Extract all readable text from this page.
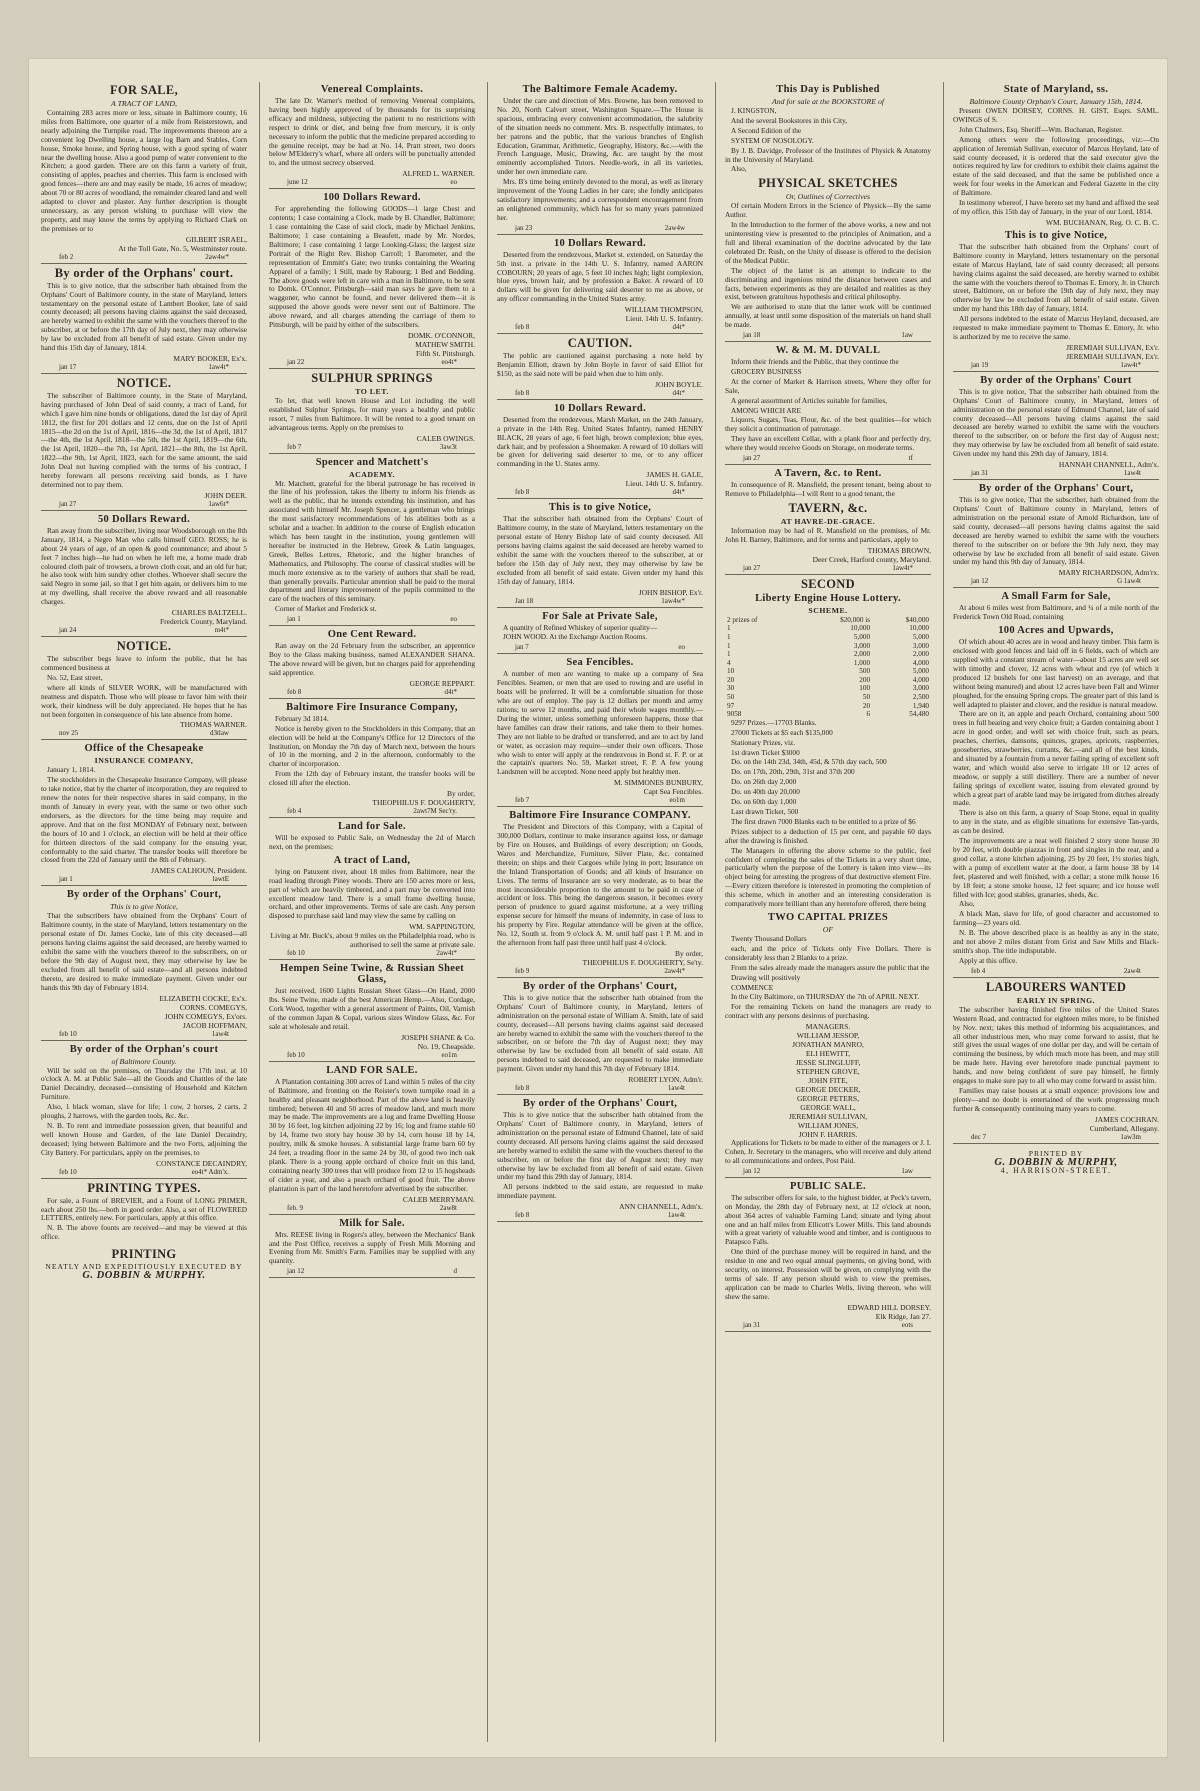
FOR SALE,
A TRACT OF LAND,

Containing 283 acres more or less, situate in Baltimore county, 16 miles from Baltimore, one quarter of a mile from Reisterstown, and nearly adjoining the Turnpike road. The improvements thereon are a convenient log Dwelling house, a large log Barn and Stables, Corn house, Smoke house, and Spring house, with a good spring of water near the dwelling house. Also a good pump of water convenient to the Kitchen; a good garden. There are on this farm a variety of fruit, consisting of apples, peaches and cherries. This farm is enclosed with good fences—there are and may easily be made, 16 acres of meadow; about 70 or 80 acres of woodland, the remainder cleared land and well adapted to clover and plaster. Any further description is thought unnecessary, as any person wishing to purchase will view the property, and may know the terms by applying to Richard Clark on the premises or to

GILBERT ISRAEL,
At the Toll Gate, No. 5, Westminster route.
feb 2	2aw4w*
By order of the Orphans' court.

This is to give notice, that the subscriber hath obtained from the Orphans' Court of Baltimore county, in the state of Maryland, letters testamentary on the personal estate of Lambert Booker, late of said county deceased; all persons having claims against the said deceased, are hereby warned to exhibit the same with the vouchers thereof to the subscriber, at or before the 17th day of July next, they may otherwise by law be excluded from all benefit of said estate. Given under my hand this 15th day of January, 1814.

MARY BOOKER, Ex'x.
jan 17	1aw4t*
NOTICE.

The subscriber of Baltimore county, in the State of Maryland, having purchased of John Deal of said county, a tract of Land, for which I gave him nine bonds or obligations, dated the 1st day of April 1812, the first for 201 dollars and 12 cents, due on the 1st of April 1815—the 2d on the 1st of April, 1816—the 3d, the 1st of April, 1817—the 4th, the 1st April, 1818—the 5th, the 1st April, 1819—the 6th, the 1st April, 1820—the 7th, 1st April, 1821—the 8th, the 1st April, 1822—the 9th, 1st April, 1823, each for the same amount, the said John Deal not having complied with the terms of his contract, I hereby forewarn all persons receiving said bonds, as I have determined not to pay them.

JOHN DEER.
jan 27	1aw6t*
50 Dollars Reward.

Ran away from the subscriber, living near Woodsborough on the 8th January, 1814, a Negro Man who calls himself GEO. ROSS; he is about 24 years of age, of an open & good countenance; and about 5 feet 7 inches high—he had on when he left me, a home made drab coloured cloth pair of trowsers, a brown cloth coat, and an old fur hat; he also took with him sundry other clothes. Whoever shall secure the said Negro in some jail, so that I get him again, or delivers him to me at my dwelling, shall receive the above reward and all reasonable charges.

CHARLES BALTZELL.
Frederick County, Maryland.
jan 24	m4t*
NOTICE.

The subscriber begs leave to inform the public, that he has commenced business at

No. 52, East street,

where all kinds of SILVER WORK, will be manufactured with neatness and dispatch. Those who will please to favor him with their work, their kindness will be duly appreciated. He hopes that he has not been forgotten in consequence of his late absence from home.

THOMAS WARNER.
nov 25	d3tlaw
Office of the Chesapeake
INSURANCE COMPANY,

January 1, 1814.

The stockholders in the Chesapeake Insurance Company, will please to take notice, that by the charter of incorporation, they are required to renew the notes for their respective shares in said company, in the month of January in every year, with the same or two other such endorsers, as the directors for the time being may require and approve. And that on the first MONDAY of February next, between the hours of 10 and 1 o'clock, an election will be held at their office for thirteen directors of the said company for the ensuing year, conformably to the said charter. The transfer books will therefore be closed from the 22d of January until the 8th of February.

JAMES CALHOUN, President.
jan 1	lawtE
By order of the Orphans' Court,
This is to give Notice,

That the subscribers have obtained from the Orphans' Court of Baltimore county, in the state of Maryland, letters testamentary on the personal estate of Dr. James Cocke, late of this city deceased—all persons having claims against the said deceased, are hereby warned to exhibit the same with the vouchers thereof to the subscribers, on or before the 9th day of August next, they may otherwise by law be excluded from all benefit of said estate—and all persons indebted thereto, are desired to make immediate payment. Given under our hands this 9th day of February 1814.

ELIZABETH COCKE, Ex'x.
CORNS. COMEGYS,
JOHN COMEGYS, Ex'ors.
JACOB HOFFMAN,
feb 10	1aw4t
By order of the Orphan's court
of Baltimore County.

Will be sold on the premises, on Thursday the 17th inst. at 10 o'clock A. M. at Public Sale—all the Goods and Chattles of the late Daniel Decaindry, deceased—consisting of Household and Kitchen Furniture.

Also, 1 black woman, slave for life; 1 cow, 2 horses, 2 carts, 2 ploughs, 2 harrows, with the garden tools, &c. &c.

N. B. To rent and immediate possession given, that beautiful and well known House and Garden, of the late Daniel Decaindry, deceased; lying between Baltimore and the two Forts, adjoining the City Battery. For particulars, apply on the premises, to

CONSTANCE DECAINDRY,
feb 10	eo4t* Adm'x.
PRINTING TYPES.

For sale, a Fount of BREVIER, and a Fount of LONG PRIMER, each about 250 lbs.—both in good order. Also, a set of FLOWERED LETTERS, entirely new. For particulars, apply at this office.

N. B. The above founts are received—and may be viewed at this office.

PRINTING
NEATLY AND EXPEDITIOUSLY EXECUTED BY
G. DOBBIN & MURPHY.
Venereal Complaints.

The late Dr. Warner's method of removing Venereal complaints, having been highly approved of by thousands for its surprising efficacy and mildness, subjecting the patient to no restrictions with respect to drink or diet, and being free from mercury, it is only necessary to inform the public that the medicine prepared according to the genuine receipt, may be had at No. 14, Pratt street, two doors below M'Elderry's wharf, where all orders will be punctually attended to, and the utmost secrecy observed.

ALFRED L. WARNER.
june 12	eo
100 Dollars Reward.

For apprehending the following GOODS—1 large Chest and contents; 1 case containing a Clock, made by B. Chandler, Baltimore; 1 case containing the Case of said clock, made by Michael Jenkins, Baltimore; 1 case containing a Beaufett, made by Mr. Nordes, Baltimore; 1 case containing 1 large Looking-Glass; the largest size Portrait of the Right Rev. Bishop Carroll; 1 Barometer, and the representation of Emmitt's Gate; two trunks containing the Wearing Apparel of a family; 1 Still, made by Rabourg; 1 Bed and Bedding. The above goods were left in care with a man in Baltimore, to be sent to Domk. O'Connor, Pittsburgh—said man says he gave them to a waggoner, who cannot be found, and never delivered them—it is supposed the above goods were never sent out of Baltimore. The above reward, and all charges attending the carriage of them to Pittsburgh, will be paid by either of the subscribers.

DOMK. O'CONNOR,
MATHEW SMITH.
Fifth St. Pittsburgh.
jan 22	eo4t*
SULPHUR SPRINGS
TO LET.

To let, that well known House and Lot including the well established Sulphur Springs, for many years a healthy and public resort, 7 miles from Baltimore. It will be rented to a good tenant on advantageous terms. Apply on the premises to

CALEB OWINGS.
feb 7	3aw3t
Spencer and Matchett's
ACADEMY.

Mr. Matchett, grateful for the liberal patronage he has received in the line of his profession, takes the liberty to inform his friends as well as the public, that he intends extending his institution, and has associated with himself Mr. Joseph Spencer, a gentleman who brings the most satisfactory recommendations of his abilities both as a scholar and a teacher. In addition to the course of English education which has been taught in the institution, young gentlemen will hereafter be instructed in the Hebrew, Greek & Latin languages, Greek, Belles Lettres, Rhetoric, and the higher branches of Mathematics, and Philosophy. The course of classical studies will be much more extensive as to the variety of authors that shall be read, than generally prevails. Particular attention shall be paid to the moral department and literary improvement of the pupils committed to the care of the teachers of this seminary.

Corner of Market and Frederick st.

jan 1	eo
One Cent Reward.

Ran away on the 2d February from the subscriber, an apprentice Boy to the Glass making business, named ALEXANDER SHANA. The above reward will be given, but no charges paid for apprehending said apprentice.

GEORGE REPPART.
feb 8	d4t*
Baltimore Fire Insurance Company,

February 3d 1814.

Notice is hereby given to the Stockholders in this Company, that an election will be held at the Company's Office for 12 Directors of the Institution, on Monday the 7th day of March next, between the hours of 10 in the morning, and 2 in the afternoon, conformably to the charter of incorporation.

From the 12th day of February instant, the transfer books will be closed till after the election.

By order,
THEOPHILUS F. DOUGHERTY,
feb 4	2awt7M Sec'ry.
Land for Sale.

Will be exposed to Public Sale, on Wednesday the 2d of March next, on the premises;

A tract of Land,

lying on Patuxent river, about 18 miles from Baltimore, near the road leading through Piney woods. There are 150 acres more or less, part of which are heavily timbered, and a part may be converted into excellent meadow land. There is a small frame dwelling house, orchard, and other improvements. Terms of sale are cash. Any person disposed to purchase said land may view the same by calling on

WM. SAPPINGTON,
Living at Mr. Buck's, about 9 miles on the Philadelphia road, who is authorised to sell the same at private sale.
feb 10	2aw4t*
Hempen Seine Twine, & Russian Sheet Glass,

Just received, 1600 Lights Russian Sheet Glass—On Hand, 2000 lbs. Seine Twine, made of the best American Hemp.—Also, Cordage, Cork Wood, together with a general assortment of Paints, Oil, Varnish of the common Japan & Copal, various sizes Window Glass, &c. For sale at wholesale and retail.

JOSEPH SHANE & Co.
No. 19, Cheapside.
feb 10	eo1m
LAND FOR SALE.

A Plantation containing 300 acres of Land within 5 miles of the city of Baltimore, and fronting on the Reister's town turnpike road in a healthy and pleasant neighborhood. Part of the above land is heavily timbered; between 40 and 50 acres of meadow land, and much more may be made. The improvements are a log and frame Dwelling House 30 by 16 feet, log kitchen adjoining 22 by 16; log and frame stable 60 by 14, frame two story hay house 30 by 14, corn house 18 by 14, poultry, milk & smoke houses. A substantial large frame barn 60 by 24 feet, a treading floor in the same 24 by 30, of good two inch oak plank. There is a young apple orchard of choice fruit on this land, containing nearly 300 trees that will produce from 12 to 15 hogsheads of cider a year, and also a peach orchard of good fruit. The above plantation is part of the land heretofore advertised by the subscriber.

CALEB MERRYMAN.
feb. 9	2aw8t
Milk for Sale.

Mrs. REESE living in Rogers's alley, between the Mechanics' Bank and the Post Office, receives a supply of Fresh Milk Morning and Evening from Mr. Smith's Farm. Families may be supplied with any quantity.

jan 12	d
The Baltimore Female Academy.

Under the care and direction of Mrs. Browne, has been removed to No. 20, North Calvert street, Washington Square.—The House is spacious, embracing every convenient accommodation, the salubrity of the situation needs no comment. Mrs. B. respectfully intimates, to her patrons and the public, that the various branches of English Education, Grammar, Arithmetic, Geography, History, &c.—with the French Language, Music, Drawing, &c. are taught by the most eminently accomplished Tutors. Needle-work, in all its varieties, under her own immediate care.

Mrs. B's time being entirely devoted to the moral, as well as literary improvement of the Young Ladies in her care; she fondly anticipates satisfactory improvements; and a correspondent encouragement from an enlightened community, which has for so many years patronized her.

jan 23	2aw4w
10 Dollars Reward.

Deserted from the rendezvous, Market st. extended, on Saturday the 5th inst. a private in the 14th U. S. Infantry, named AARON COBOURN; 20 years of age, 5 feet 10 inches high; light complexion, blue eyes, brown hair, and by profession a Baker. A reward of 10 dollars will be given for delivering said deserter to me as above, or any officer commanding in the United States army.

WILLIAM THOMPSON,
Lieut. 14th U. S. Infantry.
feb 8	d4t*
CAUTION.

The public are cautioned against purchasing a note held by Benjamin Elliott, drawn by John Boyle in favor of said Elliot for $150, as the said note will be paid when due to him only.

JOHN BOYLE.
feb 8	d4t*
10 Dollars Reward.

Deserted from the rendezvous, Marsh Market, on the 24th January, a private in the 14th Reg. United States Infantry, named HENRY BLACK, 28 years of age, 6 feet high, brown complexion; blue eyes, dark hair, and by profession a Shoemaker. A reward of 10 dollars will be given for delivering said deserter to me, or to any officer commanding in the U. States army.

JAMES H. GALE,
Lieut. 14th U. S. Infantry.
feb 8	d4t*
This is to give Notice,

That the subscriber hath obtained from the Orphans' Court of Baltimore county, in the state of Maryland, letters testamentary on the personal estate of Henry Bishop late of said county deceased. All persons having claims against the said deceased are hereby warned to exhibit the same with the vouchers thereof to the subscriber, at or before the 15th day of July next, they may otherwise by law be excluded from all benefit of said estate. Given under my hand this 15th day of January, 1814.

JOHN BISHOP, Ex'r.
Jan 18	1aw4w*
For Sale at Private Sale,

A quantity of Refined Whiskey of superior quality—

JOHN WOOD. At the Exchange Auction Rooms.

jan 7	eo
Sea Fencibles.

A number of men are wanting to make up a company of Sea Fencibles. Seamen, or men that are used to rowing and are useful in boats will be preferred. It will be a comfortable situation for those who are out of employ. The pay is 12 dollars per month and army rations; to serve 12 months, and paid their whole wages monthly.—During the winter, unless something unforeseen happens, those that have families can draw their rations, and take them to their homes. They are not liable to be drafted or transferred, and are to act by land or water, as occasion may require—under their own officers. Those who wish to enter will apply at the rendezvous in Bond st. F. P. or at the captain's quarters No. 59, Market street, F. P. A few young Landsmen will be accepted. None need apply but healthy men.

M. SIMMONES BUNBURY,
Capt Sea Fencibles.
feb 7	eo1m
Baltimore Fire Insurance COMPANY.

The President and Directors of this Company, with a Capital of 300,000 Dollars, continue to make insurance against loss, or damage by Fire on Houses, and Buildings of every description; on Goods, Wares and Merchandize, Furniture, Silver Plate, &c. contained therein; on ships and their Cargoes while lying in port; Insurance on the Inland Transportation of Goods; and all kinds of Insurance on Lives. The terms of Insurance are so very moderate, as to bear the most inconsiderable proportion to the amount to be paid in case of accident or loss. This being the dangerous season, it becomes every person of prudence to guard against misfortune, at a very trifling expense secure for himself the means of indemnity, in case of loss to his property by Fire. Regular attendance will be given at the office, No. 12, South st. from 9 o'clock A. M. until half past 1 P. M. and in the afternoon from half past three until half past 4 o'clock.

By order,
THEOPHILUS F. DOUGHERTY, Se'ty.
feb 9	2aw4t*
By order of the Orphans' Court,

This is to give notice that the subscriber hath obtained from the Orphans' Court of Baltimore county, in Maryland, letters of administration on the personal estate of William A. Smith, late of said county, deceased—All persons having claims against said deceased are hereby warned to exhibit the same with the vouchers thereof to the subscriber, on or before the 7th day of August next; they may otherwise by law be excluded from all benefit of said estate. All persons indebted to said deceased, are requested to make immediate payment. Given under my hand this 7th day of February 1814.

ROBERT LYON, Adm'r.
feb 8	1aw4t
By order of the Orphans' Court,

This is to give notice that the subscriber hath obtained from the Orphans' Court of Baltimore county, in Maryland, letters of administration on the personal estate of Edmund Channel, late of said county deceased. All persons having claims against the said deceased are hereby warned to exhibit the same with the vouchers thereof to the subscriber, on or before the first day of August next; they may otherwise by law be excluded from all benefit of said estate. Given under my hand this 29th day of January, 1814.

All persons indebted to the said estate, are requested to make immediate payment.

ANN CHANNELL, Adm'x.
feb 8	1aw4t
This Day is Published
And for sale at the BOOKSTORE of

J. KINGSTON,

And the several Bookstores in this City,

A Second Edition of the

SYSTEM OF NOSOLOGY.

By J. B. Davidge, Professor of the Institutes of Physick & Anatomy in the University of Maryland.

Also,

PHYSICAL SKETCHES
Or, Outlines of Correctives

Of certain Modern Errors in the Science of Physick—By the same Author.

In the Introduction to the former of the above works, a new and not uninteresting view is presented to the principles of Animation, and a full and liberal examination of the doctrine advocated by the late celebrated Dr. Rush, on the Unity of disease is offered to the decision of the Medical Public.

The object of the latter is an attempt to indicate to the discriminating and ingenious mind the distance between cases and facts, between experiments as they are detailed and realities as they exist, between gratuitous hypothesis and critical philosophy.

We are authorised to state that the latter work will be continued annually, at least until some disposition of the materials on hand shall be made.

jan 18	1aw
W. & M. M. DUVALL

Inform their friends and the Public, that they continue the

GROCERY BUSINESS

At the corner of Market & Harrison streets, Where they offer for Sale,

A general assortment of Articles suitable for families,

AMONG WHICH ARE

Liquors, Sugars, Teas, Flour, &c. of the best qualities—for which they solicit a continuation of patronage.

They have an excellent Cellar, with a plank floor and perfectly dry, where they would receive Goods on Storage, on moderate terms.

jan 27	tf
A Tavern, &c. to Rent.

In consequence of R. Mansfield, the present tenant, being about to Remove to Philadelphia—I will Rent to a good tenant, the

TAVERN, &c.
AT HAVRE-DE-GRACE.

Information may be had of R. Mansfield on the premises, of Mr. John H. Barney, Baltimore, and for terms and particulars, apply to

THOMAS BROWN,
Deer Creek, Harford county, Maryland.
jan 27	1aw4t*
SECOND
Liberty Engine House Lottery.
SCHEME.
2 prizes of	$20,000 is	$40,000
1	10,000	10,000
1	5,000	5,000
1	3,000	3,000
1	2,000	2,000
4	1,000	4,000
10	500	5,000
20	200	4,000
30	100	3,000
50	50	2,500
97	20	1,940
9058	6	54,480

9297 Prizes.—17703 Blanks.

27000 Tickets at $5 each $135,000

Stationary Prizes, viz.

1st drawn Ticket $3000

Do. on the 14th 23d, 34th, 45d, & 57th day each, 500

Do. on 17th, 20th, 29th, 31st and 37th 200

Do. on 26th day 2,000

Do. on 40th day 20,000

Do. on 60th day 1,000

Last drawn Ticket, 500

The first drawn 7000 Blanks each to be entitled to a prize of $6

Prizes subject to a deduction of 15 per cent, and payable 60 days after the drawing is finished.

The Managers in offering the above scheme to the public, feel confident of completing the sales of the Tickets in a very short time, particularly when the purpose of the Lottery is taken into view—its object being for arresting the progress of that destructive element Fire.—Every citizen therefore is interested in promoting the completion of this scheme, which in another and an interesting consideration is comparatively more brilliant than any heretofore offered, there being

TWO CAPITAL PRIZES
OF

Twenty Thousand Dollars

each, and the price of Tickets only Five Dollars. There is considerably less than 2 Blanks to a prize.

From the sales already made the managers assure the public that the

Drawing will positively

COMMENCE

In the City Baltimore, on THURSDAY the 7th of APRIL NEXT.

For the remaining Tickets on hand the managers are ready to contract with any persons desirous of purchasing.

MANAGERS.
WILLIAM JESSOP,
JONATHAN MANRO,
ELI HEWITT,
JESSE SLINGLUFF,
STEPHEN GROVE,
JOHN FITE,
GEORGE DECKER,
GEORGE PETERS,
GEORGE WALL,
JEREMIAH SULLIVAN,
WILLIAM JONES,
JOHN F. HARRIS.

Applications for Tickets to be made to either of the managers or J. I. Cohen, Jr. Secretary to the managers, who will receive and duly attend to all communications and orders, Post Paid.

jan 12	1aw
PUBLIC SALE.

The subscriber offers for sale, to the highest bidder, at Peck's tavern, on Monday, the 28th day of February next, at 12 o'clock at noon, about 364 acres of valuable Farming Land; situate and lying about one and an half miles from Ellicott's Lower Mills. This land abounds with a great variety of valuable wood and timber, and is contiguous to Patapsco Falls.

One third of the purchase money will be required in hand, and the residue in one and two equal annual payments, on giving bond, with security, on interest. Possession will be given, on complying with the terms of sale. If any person should wish to view the premises, application can be made to Charles Wells, living thereon, who will shew the same.

EDWARD HILL DORSEY.
Elk Ridge, Jan 27.
jan 31	eots
State of Maryland, ss.
Baltimore County Orphan's Court, January 15th, 1814.

Present OWEN DORSEY, CORNS. H. GIST, Esqrs. SAML. OWINGS of S.

John Chalmers, Esq. Sheriff—Wm. Buchanan, Register.

Among others were the following proceedings, viz:—On application of Jeremiah Sullivan, executor of Marcus Heyland, late of said county deceased, it is ordered that the said executor give the notices required by law for creditors to exhibit their claims against the estate of the said deceased, and that the same be published once a week for four weeks in the American and Federal Gazette in the city of Baltimore.

In testimony whereof, I have hereto set my hand and affixed the seal of my office, this 15th day of January, in the year of our Lord, 1814.

WM. BUCHANAN, Reg. O. C. B. C.
This is to give Notice,

That the subscriber hath obtained from the Orphans' court of Baltimore county in Maryland, letters testamentary on the personal estate of Marcus Hayland, late of said county deceased; all persons having claims against the said deceased, are hereby warned to exhibit the same with the vouchers thereof to Thomas E. Emory, Jr. in Church street, Baltimore, on or before the 19th day of July next, they may otherwise by law be excluded from all benefit of said estate. Given under my hand this 18th day of January, 1814.

All persons indebted to the estate of Marcus Heyland, deceased, are requested to make immediate payment to Thomas E. Emory, Jr. who is authorized by me to receive the same.

JEREMIAH SULLIVAN, Ex'r.
JEREMIAH SULLIVAN, Ex'r.
jan 19	1aw4t*
By order of the Orphans' Court

This is to give notice, That the subscriber hath obtained from the Orphans' Court of Baltimore county, in Maryland, letters of administration on the personal estate of Edmund Channel, late of said county deceased—All persons having claims against the said deceased are hereby warned to exhibit the same with the vouchers thereof to the subscriber, on or before the first day of August next; they may otherwise by law be excluded from all benefit of said estate. Given under my hand this 29th day of January, 1814.

HANNAH CHANNELL, Adm'x.
jan 31	1aw4t
By order of the Orphans' Court,

This is to give notice, That the subscriber, hath obtained from the Orphans' Court of Baltimore county in Maryland, letters of administration on the personal estate of Arnold Richardson, late of said county, deceased—all persons having claims against the said deceased are hereby warned to exhibit the same with the vouchers thereof to the subscriber on or before the 9th July next, they may otherwise by law be excluded from all benefit of said estate. Given under my hand this 9th day of January, 1814.

MARY RICHARDSON, Adm'rx.
jan 12	G 1aw4t
A Small Farm for Sale,

At about 6 miles west from Baltimore, and ¼ of a mile north of the Frederick Town Old Road, containing

100 Acres and Upwards,

Of which about 40 acres are in wood and heavy timber. This farm is enclosed with good fences and laid off in 6 fields, each of which are supplied with a constant stream of water—about 15 acres are well set with timothy and clover, 12 acres with wheat and rye (of which it produced 12 bushels for one last harvest) on an average, and that without being manured) and about 12 acres have been Fall and Winter ploughed, for the ensuing Spring crops. The greater part of this land is well adapted to plaister and clover, and the residue is natural meadow.

There are on it, an apple and peach Orchard, containing about 500 trees in full bearing and very choice fruit; a Garden containing about 1 acre in good order, and well set with choice fruit, such as pears, peaches, cherries, damsons, quinces, grapes, apricots, raspberries, gooseberries, strawberries, currants, &c.—and all of the best kinds, and situated by a fountain from a never failing spring of excellent soft water, and which would also serve to irrigate 10 or 12 acres of meadow, or supply a still distillery. There are a number of never failing springs of excellent water, issuing from elevated ground by which a great part of arable land may be irrigated from ditches already made.

There is also on this farm, a quarry of Soap Stone, equal in quality to any in the state, and as eligible situations for extensive Tan-yards, as can be desired.

The improvements are a neat well finished 2 story stone house 30 by 20 feet, with double piazzas in front and singles in the rear, and a good cellar, a stone kitchen adjoining, 25 by 20 feet, 1½ stories high, with a pump of excellent water at the door, a farm house 38 by 14 feet, plastered and well finished, with a cellar; a stone milk house 16 by 18 feet; a stone smoke house, 12 feet square; and ice house well filled with Ice; good stables, granaries, sheds, &c.

Also,

A black Man, slave for life, of good character and accustomed to farming—23 years old.

N. B. The above described place is as healthy as any in the state, and not above 2 miles distant from Grist and Saw Mills and Black-smith's shop. The title indisputable.

Apply at this office.

feb 4	2aw4t
LABOURERS WANTED
EARLY IN SPRING.

The subscriber having finished five miles of the United States Western Road, and contracted for eighteen miles more, to be finished by Nov. next; takes this method of informing his acquaintances, and all other industrious men, who may come forward to assist, that he still gives the usual wages of one dollar per day, and will be certain of continuing the business, by which much more has been, and may still be made here. Having ever heretofore made punctual payment to hands, and now being confident of sure pay himself, he firmly engages to make sure pay to all who may come forward to assist him.

Families may raise houses at a small expence: provisions low and plenty—and no doubt is entertained of the work progressing much further & consequently continuing many years to come.

JAMES COCHRAN.
Cumberland, Allegany.
dec 7	1aw3m
PRINTED BY
G. DOBBIN & MURPHY,
4, HARRISON-STREET.
